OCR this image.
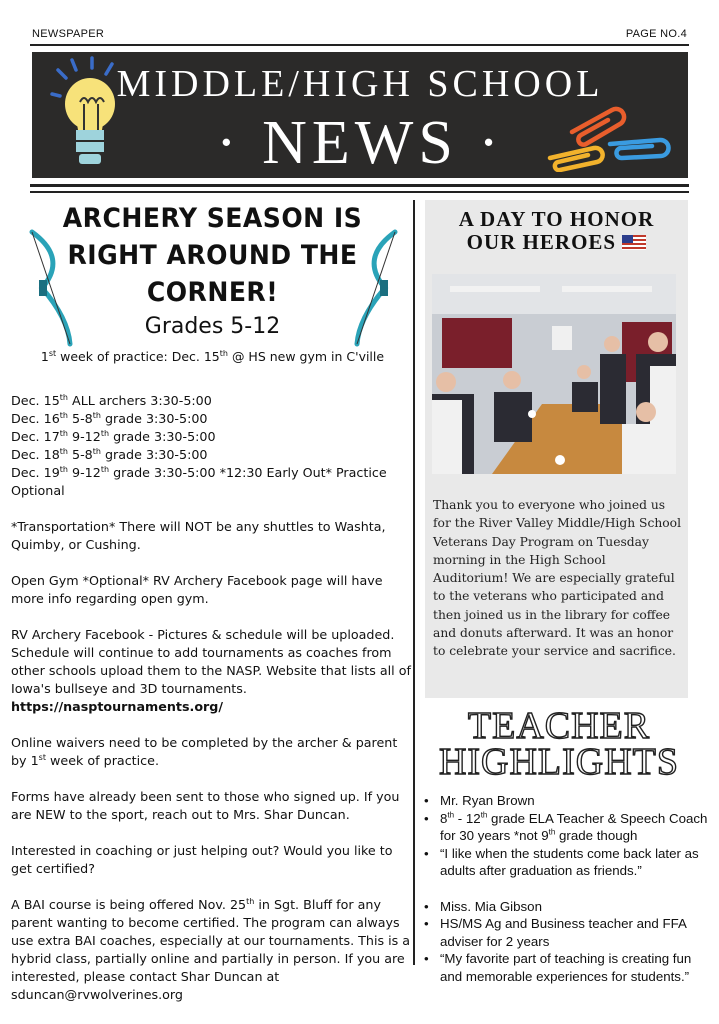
NEWSPAPER	PAGE NO.4
MIDDLE/HIGH SCHOOL
· NEWS ·
ARCHERY SEASON IS
RIGHT AROUND THE
CORNER!
Grades 5-12
1st week of practice: Dec. 15th @ HS new gym in C'ville

Dec. 15th ALL archers 3:30-5:00
Dec. 16th 5-8th grade 3:30-5:00
Dec. 17th 9-12th grade 3:30-5:00
Dec. 18th 5-8th grade 3:30-5:00
Dec. 19th 9-12th grade 3:30-5:00 *12:30 Early Out* Practice Optional

*Transportation* There will NOT be any shuttles to Washta, Quimby, or Cushing.

Open Gym *Optional* RV Archery Facebook page will have more info regarding open gym.

RV Archery Facebook - Pictures & schedule will be uploaded. Schedule will continue to add tournaments as coaches from other schools upload them to the NASP. Website that lists all of Iowa's bullseye and 3D tournaments.
https://nasptournaments.org/

Online waivers need to be completed by the archer & parent by 1st week of practice.

Forms have already been sent to those who signed up. If you are NEW to the sport, reach out to Mrs. Shar Duncan.

Interested in coaching or just helping out? Would you like to get certified?

A BAI course is being offered Nov. 25th in Sgt. Bluff for any parent wanting to become certified. The program can always use extra BAI coaches, especially at our tournaments. This is a hybrid class, partially online and partially in person. If you are interested, please contact Shar Duncan at sduncan@rvwolverines.org

A DAY TO HONOR
OUR HEROES
Thank you to everyone who joined us for the River Valley Middle/High School Veterans Day Program on Tuesday morning in the High School Auditorium! We are especially grateful to the veterans who participated and then joined us in the library for coffee and donuts afterward. It was an honor to celebrate your service and sacrifice.
TEACHER
HIGHLIGHTS
• Mr. Ryan Brown
• 8th - 12th grade ELA Teacher & Speech Coach for 30 years *not 9th grade though
• “I like when the students come back later as adults after graduation as friends.”
• Miss. Mia Gibson
• HS/MS Ag and Business teacher and FFA adviser for 2 years
• “My favorite part of teaching is creating fun and memorable experiences for students.”
